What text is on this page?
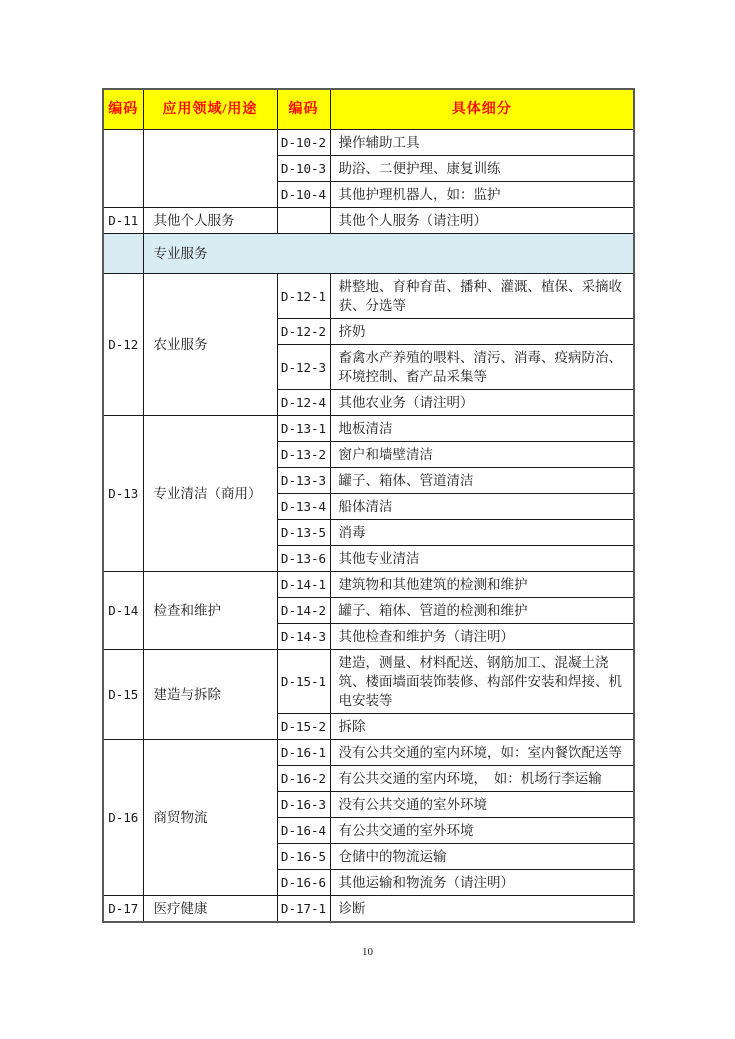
编码	应用领域/用途	编码	具体细分
		D-10-2	操作辅助工具
		D-10-3	助浴、二便护理、康复训练
		D-10-4	其他护理机器人，如：监护
D-11	其他个人服务		其他个人服务（请注明）
	专业服务		
D-12	农业服务	D-12-1	耕整地、育种育苗、播种、灌溉、植保、采摘收获、分选等
		D-12-2	挤奶
		D-12-3	畜禽水产养殖的喂料、清污、消毒、疫病防治、环境控制、畜产品采集等
		D-12-4	其他农业务（请注明）
D-13	专业清洁（商用）	D-13-1	地板清洁
		D-13-2	窗户和墙壁清洁
		D-13-3	罐子、箱体、管道清洁
		D-13-4	船体清洁
		D-13-5	消毒
		D-13-6	其他专业清洁
D-14	检查和维护	D-14-1	建筑物和其他建筑的检测和维护
		D-14-2	罐子、箱体、管道的检测和维护
		D-14-3	其他检查和维护务（请注明）
D-15	建造与拆除	D-15-1	建造，测量、材料配送、钢筋加工、混凝土浇筑、楼面墙面装饰装修、构部件安装和焊接、机电安装等
		D-15-2	拆除
D-16	商贸物流	D-16-1	没有公共交通的室内环境，如：室内餐饮配送等
		D-16-2	有公共交通的室内环境，  如：机场行李运输
		D-16-3	没有公共交通的室外环境
		D-16-4	有公共交通的室外环境
		D-16-5	仓储中的物流运输
		D-16-6	其他运输和物流务（请注明）
D-17	医疗健康	D-17-1	诊断
10
